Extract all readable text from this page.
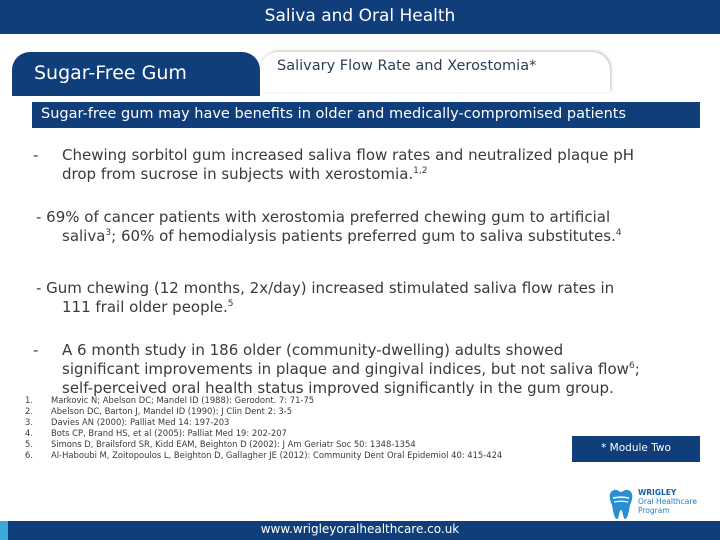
Saliva and Oral Health
Salivary Flow Rate and Xerostomia*
Sugar-Free Gum
Sugar-free gum may have benefits in older and medically-compromised patients
-	Chewing sorbitol gum increased saliva flow rates and neutralized plaque pH
drop from sucrose in subjects with xerostomia.$^{1,2}$
- 69% of cancer patients with xerostomia preferred chewing gum to artificial
saliva$^3$; 60% of hemodialysis patients preferred gum to saliva substitutes.$^4$
- Gum chewing (12 months, 2x/day) increased stimulated saliva flow rates in
111 frail older people.$^5$
-	A 6 month study in 186 older (community-dwelling) adults showed
significant improvements in plaque and gingival indices, but not saliva flow$^6$;
self-perceived oral health status improved significantly in the gum group.
1.	Markovic N; Abelson DC; Mandel ID (1988): Gerodont. 7: 71-75
2.	Abelson DC, Barton J, Mandel ID (1990): J Clin Dent 2: 3-5
3.	Davies AN (2000): Palliat Med 14: 197-203
4.	Bots CP, Brand HS, et al (2005): Palliat Med 19: 202-207
5.	Simons D, Brailsford SR, Kidd EAM, Beighton D (2002): J Am Geriatr Soc 50: 1348-1354
6.	Al-Haboubi M, Zoitopoulos L, Beighton D, Gallagher JE (2012): Community Dent Oral Epidemiol 40: 415-424
* Module Two
WRIGLEY
Oral Healthcare
Program
www.wrigleyoralhealthcare.co.uk
